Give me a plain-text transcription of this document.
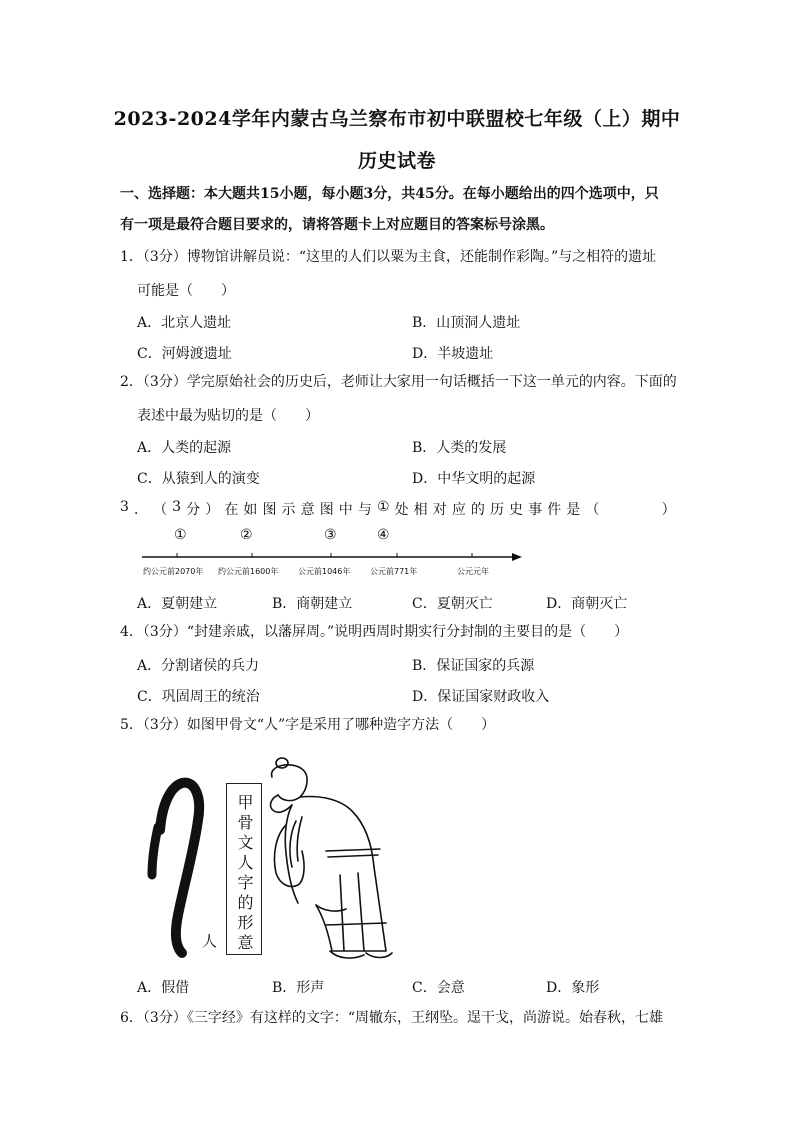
2023-2024学年内蒙古乌兰察布市初中联盟校七年级（上）期中
历史试卷
一、选择题：本大题共15小题，每小题3分，共45分。在每小题给出的四个选项中，只
有一项是最符合题目要求的，请将答题卡上对应题目的答案标号涂黑。
1．（3分）博物馆讲解员说：“这里的人们以粟为主食，还能制作彩陶。”与之相符的遗址
可能是（　　）
A．北京人遗址	B．山顶洞人遗址
C．河姆渡遗址	D．半坡遗址
2．（3分）学完原始社会的历史后，老师让大家用一句话概括一下这一单元的内容。下面的
表述中最为贴切的是（　　）
A．人类的起源	B．人类的发展
C．从猿到人的演变	D．中华文明的起源
3 ． （ 3 分 ） 在 如 图 示 意 图 中 与 ① 处 相 对 应 的 历 史 事 件 是 （

　	）
①	②	③	④
约公元前2070年 约公元前1600年 公元前1046年 公元前771年	公元元年
A．夏朝建立	B．商朝建立	C．夏朝灭亡	D．商朝灭亡
4．（3分）“封建亲戚，以藩屏周。”说明西周时期实行分封制的主要目的是（　　）
A．分割诸侯的兵力	B．保证国家的兵源
C．巩固周王的统治	D．保证国家财政收入
5．（3分）如图甲骨文“人”字是采用了哪种造字方法（　　）
人	甲骨文人字的形意
A．假借	B．形声	C．会意	D．象形
6．（3分）《三字经》有这样的文字：“周辙东，王纲坠。逞干戈，尚游说。始春秋，七雄
